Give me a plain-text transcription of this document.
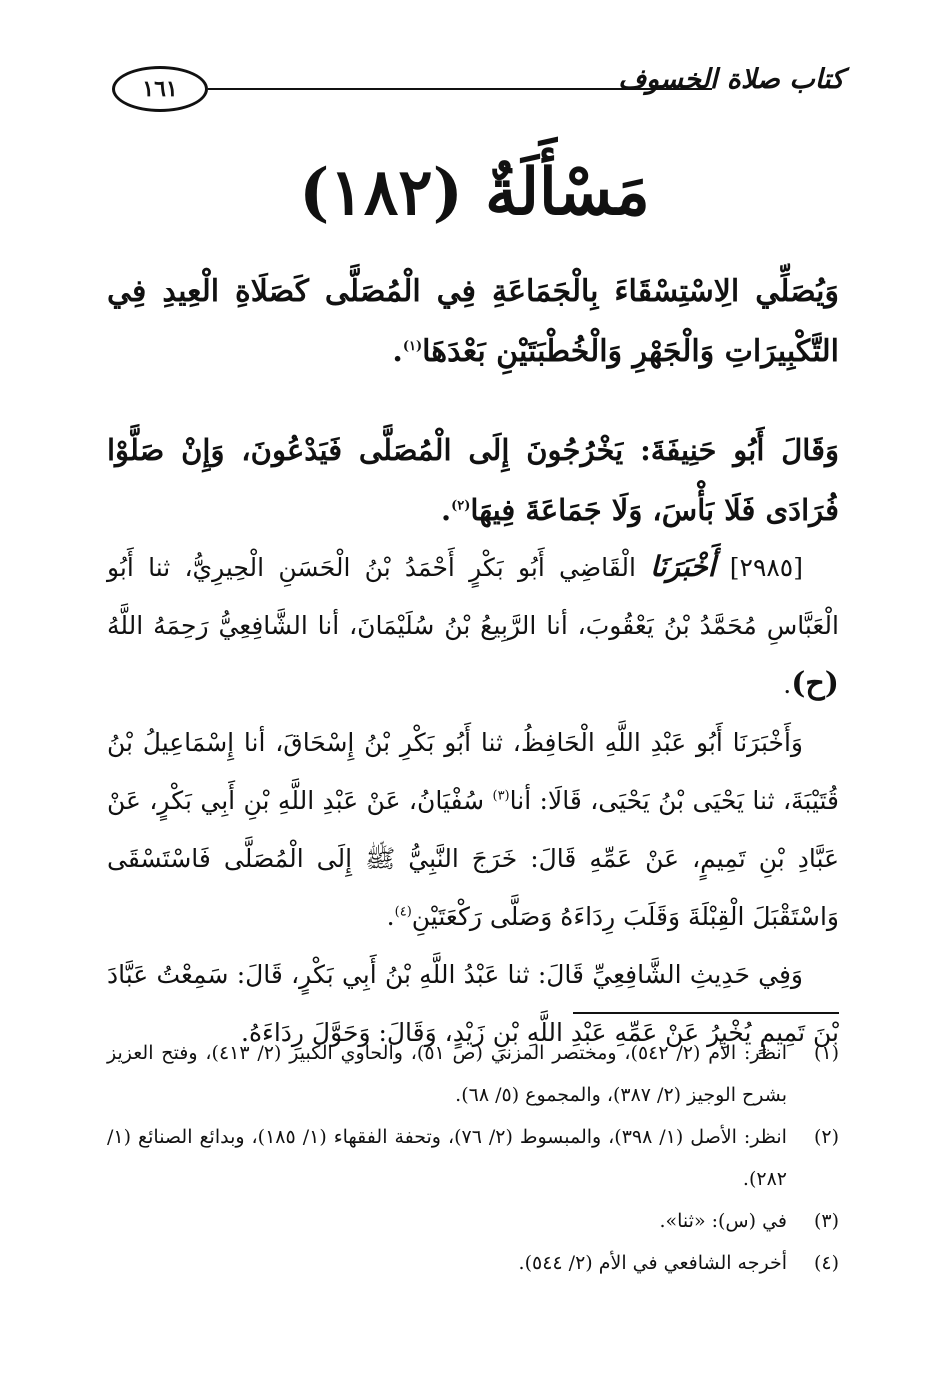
١٦١	كتاب صلاة الخسوف
مَسْأَلَةٌ (١٨٢)
وَيُصَلِّي الِاسْتِسْقَاءَ بِالْجَمَاعَةِ فِي الْمُصَلَّى كَصَلَاةِ الْعِيدِ فِي التَّكْبِيرَاتِ وَالْجَهْرِ وَالْخُطْبَتَيْنِ بَعْدَهَا$^{(١)}$.
وَقَالَ أَبُو حَنِيفَةَ: يَخْرُجُونَ إِلَى الْمُصَلَّى فَيَدْعُونَ، وَإِنْ صَلَّوْا فُرَادَى فَلَا بَأْسَ، وَلَا جَمَاعَةَ فِيهَا$^{(٢)}$.

[٢٩٨٥] أَخْبَرَنَا الْقَاضِي أَبُو بَكْرٍ أَحْمَدُ بْنُ الْحَسَنِ الْحِيرِيُّ، ثنا أَبُو الْعَبَّاسِ مُحَمَّدُ بْنُ يَعْقُوبَ، أنا الرَّبِيعُ بْنُ سُلَيْمَانَ، أنا الشَّافِعِيُّ رَحِمَهُ اللَّهُ (ح).

وَأَخْبَرَنَا أَبُو عَبْدِ اللَّهِ الْحَافِظُ، ثنا أَبُو بَكْرِ بْنُ إِسْحَاقَ، أنا إِسْمَاعِيلُ بْنُ قُتَيْبَةَ، ثنا يَحْيَى بْنُ يَحْيَى، قَالَا: أنا$^{(٣)}$ سُفْيَانُ، عَنْ عَبْدِ اللَّهِ بْنِ أَبِي بَكْرٍ، عَنْ عَبَّادِ بْنِ تَمِيمٍ، عَنْ عَمِّهِ قَالَ: خَرَجَ النَّبِيُّ ﷺ إِلَى الْمُصَلَّى فَاسْتَسْقَى وَاسْتَقْبَلَ الْقِبْلَةَ وَقَلَبَ رِدَاءَهُ وَصَلَّى رَكْعَتَيْنِ$^{(٤)}$.

وَفِي حَدِيثِ الشَّافِعِيِّ قَالَ: ثنا عَبْدُ اللَّهِ بْنُ أَبِي بَكْرٍ، قَالَ: سَمِعْتُ عَبَّادَ بْنَ تَمِيمٍ يُخْبِرُ عَنْ عَمِّهِ عَبْدِ اللَّهِ بْنِ زَيْدٍ، وَقَالَ: وَحَوَّلَ رِدَاءَهُ.

(١)
انظر: الأم (٢/ ٥٤٢)، ومختصر المزني (ص ٥١)، والحاوي الكبير (٢/ ٤١٣)، وفتح العزيز بشرح الوجيز (٢/ ٣٨٧)، والمجموع (٥/ ٦٨).
(٢)
انظر: الأصل (١/ ٣٩٨)، والمبسوط (٢/ ٧٦)، وتحفة الفقهاء (١/ ١٨٥)، وبدائع الصنائع (١/ ٢٨٢).
(٣)
في (س): «ثنا».
(٤)
أخرجه الشافعي في الأم (٢/ ٥٤٤).
